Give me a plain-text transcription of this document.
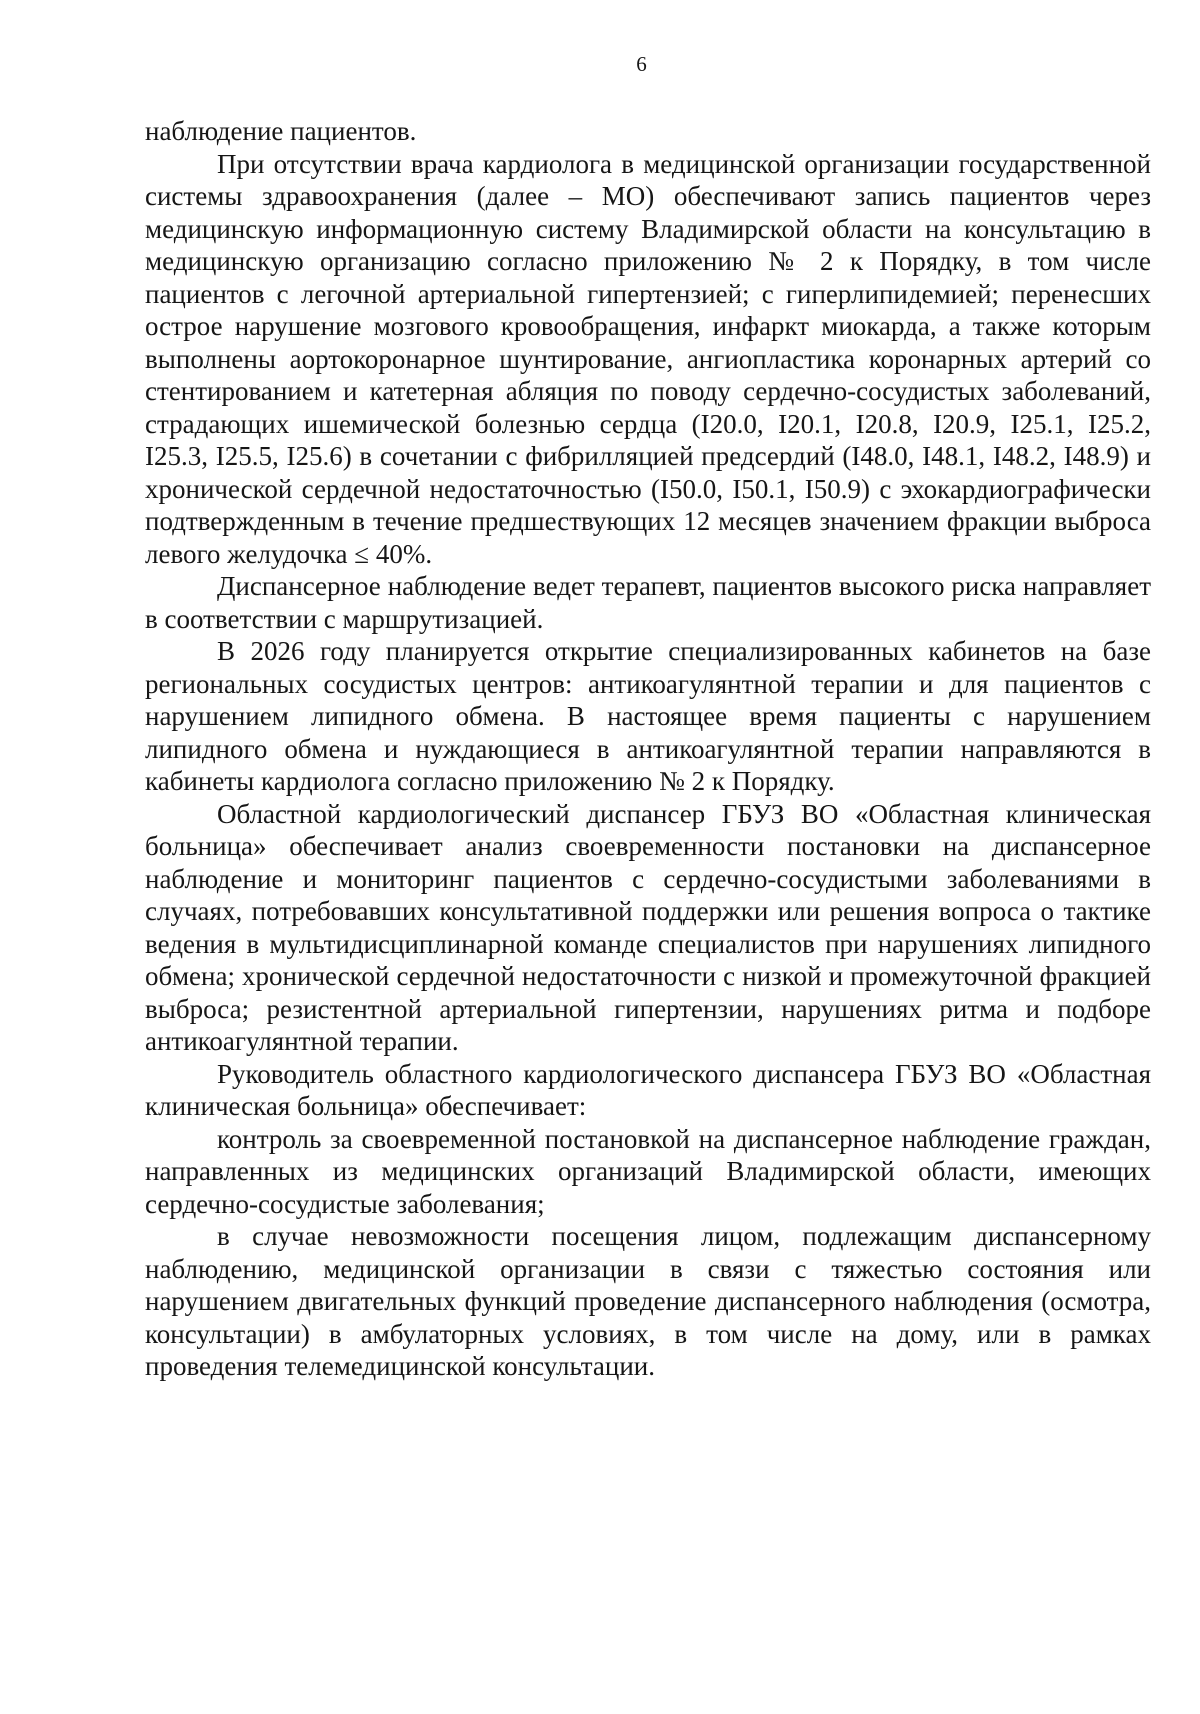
6

наблюдение пациентов.

При отсутствии врача кардиолога в медицинской организации государственной системы здравоохранения (далее – МО) обеспечивают запись пациентов через медицинскую информационную систему Владимирской области на консультацию в медицинскую организацию согласно приложению № 2 к Порядку, в том числе пациентов с легочной артериальной гипертензией; с гиперлипидемией; перенесших острое нарушение мозгового кровообращения, инфаркт миокарда, а также которым выполнены аортокоронарное шунтирование, ангиопластика коронарных артерий со стентированием и катетерная абляция по поводу сердечно-сосудистых заболеваний, страдающих ишемической болезнью сердца (I20.0, I20.1, I20.8, I20.9, I25.1, I25.2, I25.3, I25.5, I25.6) в сочетании с фибрилляцией предсердий (I48.0, I48.1, I48.2, I48.9) и хронической сердечной недостаточностью (I50.0, I50.1, I50.9) с эхокардиографически подтвержденным в течение предшествующих 12 месяцев значением фракции выброса левого желудочка ≤ 40%.

Диспансерное наблюдение ведет терапевт, пациентов высокого риска направляет в соответствии с маршрутизацией.

В 2026 году планируется открытие специализированных кабинетов на базе региональных сосудистых центров: антикоагулянтной терапии и для пациентов с нарушением липидного обмена. В настоящее время пациенты с нарушением липидного обмена и нуждающиеся в антикоагулянтной терапии направляются в кабинеты кардиолога согласно приложению № 2 к Порядку.

Областной кардиологический диспансер ГБУЗ ВО «Областная клиническая больница» обеспечивает анализ своевременности постановки на диспансерное наблюдение и мониторинг пациентов с сердечно-сосудистыми заболеваниями в случаях, потребовавших консультативной поддержки или решения вопроса о тактике ведения в мультидисциплинарной команде специалистов при нарушениях липидного обмена; хронической сердечной недостаточности с низкой и промежуточной фракцией выброса; резистентной артериальной гипертензии, нарушениях ритма и подборе антикоагулянтной терапии.

Руководитель областного кардиологического диспансера ГБУЗ ВО «Областная клиническая больница» обеспечивает:

контроль за своевременной постановкой на диспансерное наблюдение граждан, направленных из медицинских организаций Владимирской области, имеющих сердечно-сосудистые заболевания;

в случае невозможности посещения лицом, подлежащим диспансерному наблюдению, медицинской организации в связи с тяжестью состояния или нарушением двигательных функций проведение диспансерного наблюдения (осмотра, консультации) в амбулаторных условиях, в том числе на дому, или в рамках проведения телемедицинской консультации.
